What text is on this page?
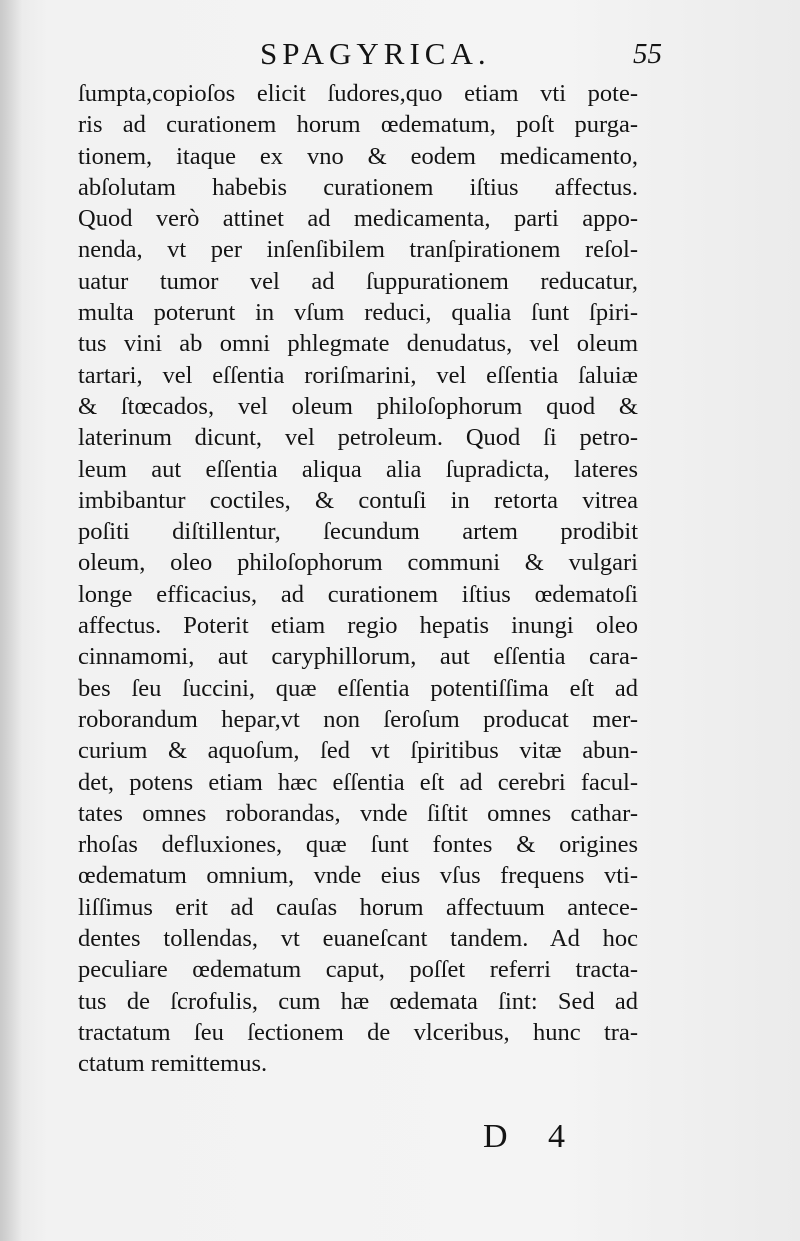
SPAGYRICA.	55
ſumpta,copioſos elicit ſudores,quo etiam vti pote-
ris ad curationem horum œdematum, poſt purga-
tionem, itaque ex vno & eodem medicamento,
abſolutam habebis curationem iſtius affectus.
Quod verò attinet ad medicamenta, parti appo-
nenda, vt per inſenſibilem tranſpirationem reſol-
uatur tumor vel ad ſuppurationem reducatur,
multa poterunt in vſum reduci, qualia ſunt ſpiri-
tus vini ab omni phlegmate denudatus, vel oleum
tartari, vel eſſentia roriſmarini, vel eſſentia ſaluiæ
& ſtœcados, vel oleum philoſophorum quod &
laterinum dicunt, vel petroleum. Quod ſi petro-
leum aut eſſentia aliqua alia ſupradicta, lateres
imbibantur coctiles, & contuſi in retorta vitrea
poſiti diſtillentur, ſecundum artem prodibit
oleum, oleo philoſophorum communi & vulgari
longe efficacius, ad curationem iſtius œdematoſi
affectus. Poterit etiam regio hepatis inungi oleo
cinnamomi, aut caryphillorum, aut eſſentia cara-
bes ſeu ſuccini, quæ eſſentia potentiſſima eſt ad
roborandum hepar,vt non ſeroſum producat mer-
curium & aquoſum, ſed vt ſpiritibus vitæ abun-
det, potens etiam hæc eſſentia eſt ad cerebri facul-
tates omnes roborandas, vnde ſiſtit omnes cathar-
rhoſas defluxiones, quæ ſunt fontes & origines
œdematum omnium, vnde eius vſus frequens vti-
liſſimus erit ad cauſas horum affectuum antece-
dentes tollendas, vt euaneſcant tandem. Ad hoc
peculiare œdematum caput, poſſet referri tracta-
tus de ſcrofulis, cum hæ œdemata ſint: Sed ad
tractatum ſeu ſectionem de vlceribus, hunc tra-
ctatum remittemus.
D 4
